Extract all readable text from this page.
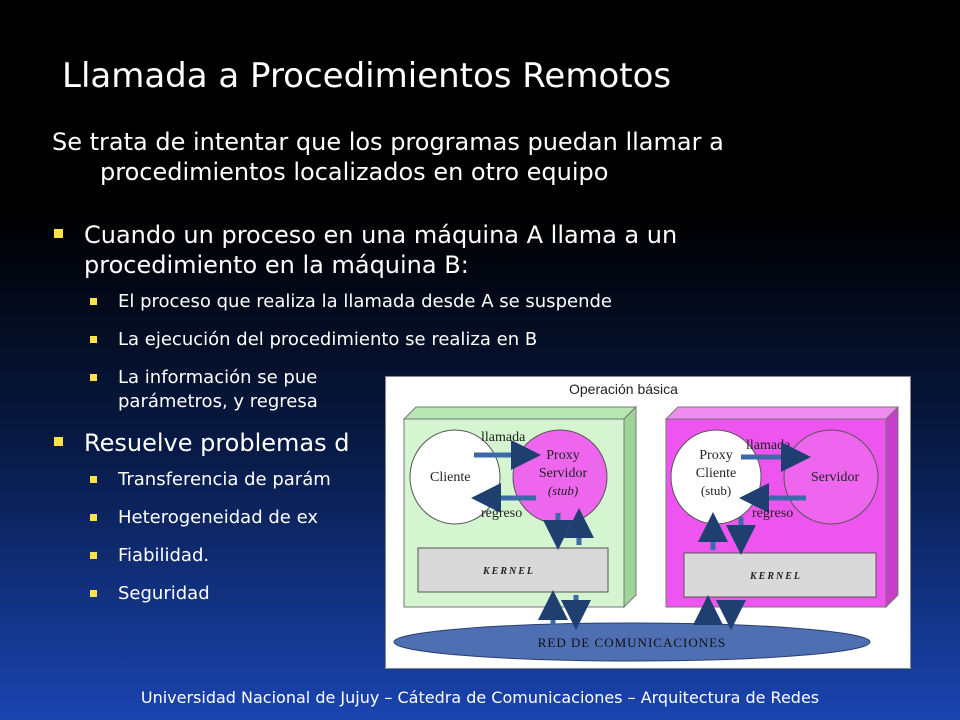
Llamada a Procedimientos Remotos
Se trata de intentar que los programas puedan llamar a
procedimientos localizados en otro equipo
Cuando un proceso en una máquina A llama a un
procedimiento en la máquina B:
El proceso que realiza la llamada desde A se suspende
La ejecución del procedimiento se realiza en B
La información se pue
parámetros, y regresa
Resuelve problemas d
Transferencia de parám
Heterogeneidad de ex
Fiabilidad.
Seguridad
Operación básica
Cliente
Proxy
Servidor
(stub)
Proxy
Cliente
(stub)
Servidor
llamada
regreso
llamada
regreso
KERNEL	KERNEL
RED DE COMUNICACIONES
Universidad Nacional de Jujuy – Cátedra de Comunicaciones – Arquitectura de Redes
